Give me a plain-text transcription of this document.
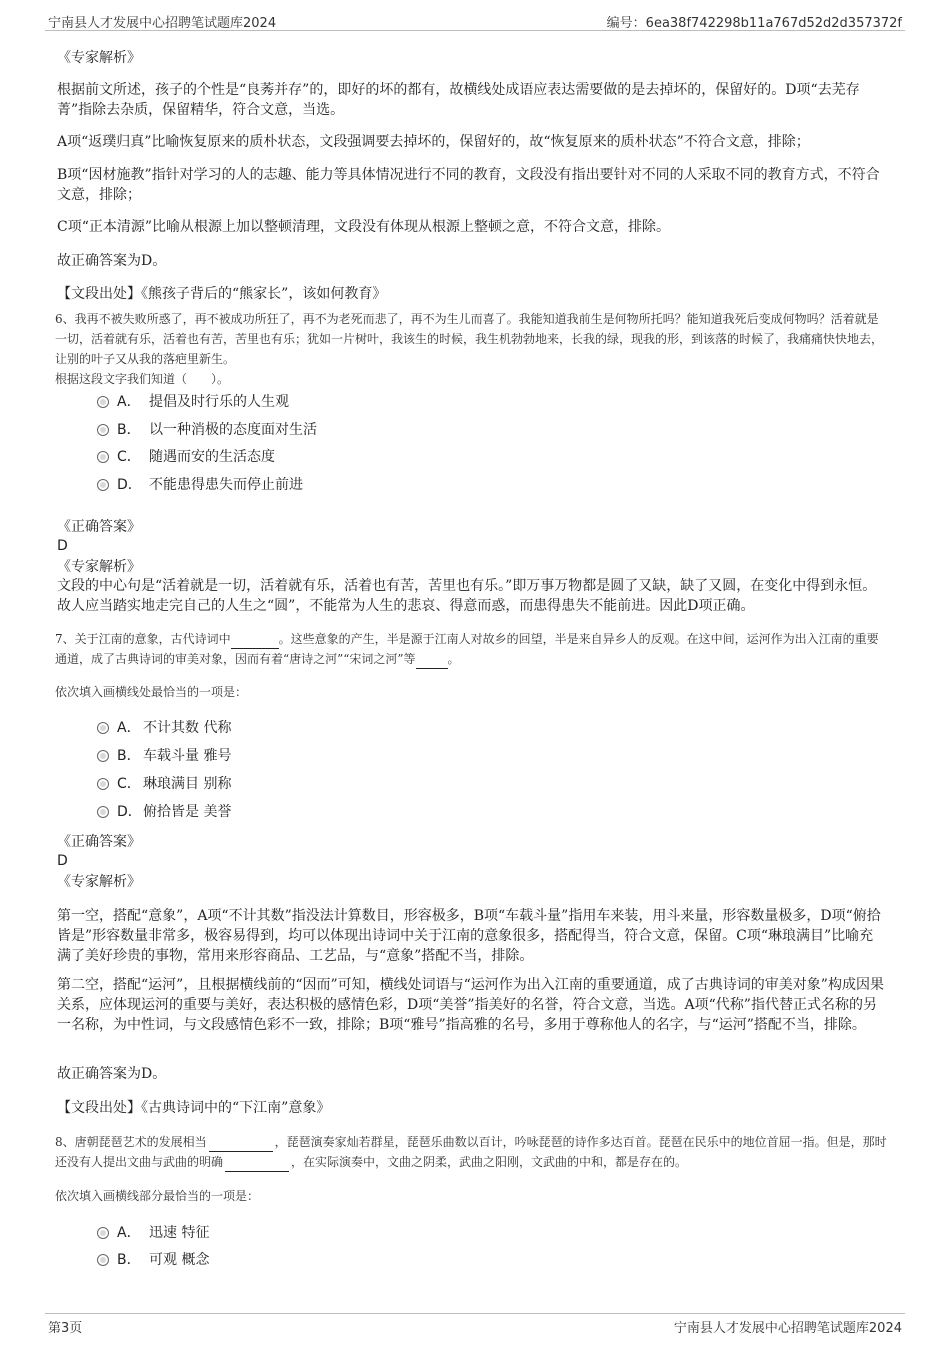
宁南县人才发展中心招聘笔试题库2024	编号：6ea38f742298b11a767d52d2d357372f
《专家解析》
根据前文所述，孩子的个性是“良莠并存”的，即好的坏的都有，故横线处成语应表达需要做的是去掉坏的，保留好的。D项“去芜存菁”指除去杂质，保留精华，符合文意，当选。
A项“返璞归真”比喻恢复原来的质朴状态，文段强调要去掉坏的，保留好的，故“恢复原来的质朴状态”不符合文意，排除；
B项“因材施教”指针对学习的人的志趣、能力等具体情况进行不同的教育，文段没有指出要针对不同的人采取不同的教育方式，不符合文意，排除；
C项“正本清源”比喻从根源上加以整顿清理，文段没有体现从根源上整顿之意，不符合文意，排除。
故正确答案为D。
【文段出处】《熊孩子背后的“熊家长”，该如何教育》
6、我再不被失败所惑了，再不被成功所狂了，再不为老死而悲了，再不为生儿而喜了。我能知道我前生是何物所托吗？能知道我死后变成何物吗？活着就是一切，活着就有乐，活着也有苦，苦里也有乐；犹如一片树叶，我该生的时候，我生机勃勃地来，长我的绿，现我的形，到该落的时候了，我痛痛快快地去，让别的叶子又从我的落疤里新生。
根据这段文字我们知道（　　）。
A． 提倡及时行乐的人生观
B． 以一种消极的态度面对生活
C． 随遇而安的生活态度
D． 不能患得患失而停止前进
《正确答案》
D
《专家解析》
文段的中心句是“活着就是一切，活着就有乐，活着也有苦，苦里也有乐。”即万事万物都是圆了又缺，缺了又圆，在变化中得到永恒。故人应当踏实地走完自己的人生之“圆”，不能常为人生的悲哀、得意而惑，而患得患失不能前进。因此D项正确。
7、关于江南的意象，古代诗词中	。这些意象的产生，半是源于江南人对故乡的回望，半是来自异乡人的反观。在这中间，运河作为出入江南的重要通道，成了古典诗词的审美对象，因而有着“唐诗之河”“宋词之河”等	。
依次填入画横线处最恰当的一项是：
A． 不计其数 代称
B． 车载斗量 雅号
C． 琳琅满目 别称
D．俯拾皆是 美誉
《正确答案》
D
《专家解析》
第一空，搭配“意象”，A项“不计其数”指没法计算数目，形容极多，B项“车载斗量”指用车来装，用斗来量，形容数量极多，D项“俯拾皆是”形容数量非常多，极容易得到，均可以体现出诗词中关于江南的意象很多，搭配得当，符合文意，保留。C项“琳琅满目”比喻充满了美好珍贵的事物，常用来形容商品、工艺品，与“意象”搭配不当，排除。
第二空，搭配“运河”，且根据横线前的“因而”可知，横线处词语与“运河作为出入江南的重要通道，成了古典诗词的审美对象”构成因果关系，应体现运河的重要与美好，表达积极的感情色彩，D项“美誉”指美好的名誉，符合文意，当选。A项“代称”指代替正式名称的另一名称，为中性词，与文段感情色彩不一致，排除；B项“雅号”指高雅的名号，多用于尊称他人的名字，与“运河”搭配不当，排除。
故正确答案为D。
【文段出处】《古典诗词中的“下江南”意象》
8、唐朝琵琶艺术的发展相当	，琵琶演奏家灿若群星，琵琶乐曲数以百计，吟咏琵琶的诗作多达百首。琵琶在民乐中的地位首屈一指。但是，那时还没有人提出文曲与武曲的明确	，在实际演奏中，文曲之阴柔，武曲之阳刚，文武曲的中和，都是存在的。
依次填入画横线部分最恰当的一项是：
A． 迅速 特征
B． 可观 概念
第3页	宁南县人才发展中心招聘笔试题库2024
